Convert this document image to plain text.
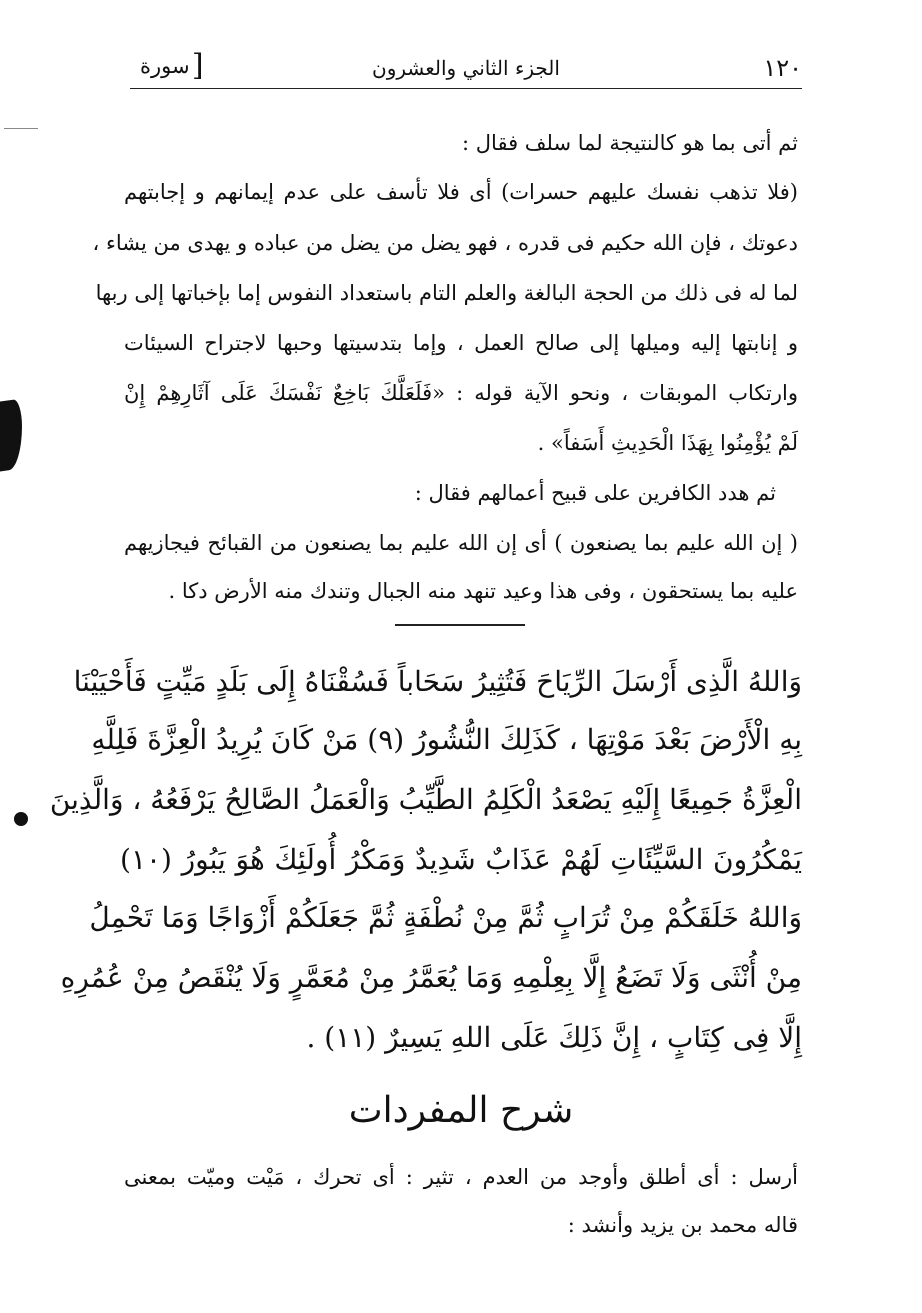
١٢٠
الجزء الثاني والعشرون
سورة [
ثم أتى بما هو كالنتيجة لما سلف فقال :
(فلا تذهب نفسك عليهم حسرات) أى فلا تأسف على عدم إيمانهم و إجابتهم
دعوتك ، فإن الله حكيم فى قدره ، فهو يضل من يضل من عباده و يهدى من يشاء ،
لما له فى ذلك من الحجة البالغة والعلم التام باستعداد النفوس إما بإخباتها إلى ربها
و إنابتها إليه وميلها إلى صالح العمل ، وإما بتدسيتها وحبها لاجتراح السيئات
وارتكاب الموبقات ، ونحو الآية قوله : «فَلَعَلَّكَ بَاخِعٌ نَفْسَكَ عَلَى آثَارِهِمْ إِنْ
لَمْ يُؤْمِنُوا بِهَذَا الْحَدِيثِ أَسَفاً» .
ثم هدد الكافرين على قبيح أعمالهم فقال :
( إن الله عليم بما يصنعون ) أى إن الله عليم بما يصنعون من القبائح فيجازيهم
عليه بما يستحقون ، وفى هذا وعيد تنهد منه الجبال وتندك منه الأرض دكا .
وَاللهُ الَّذِى أَرْسَلَ الرِّيَاحَ فَتُثِيرُ سَحَاباً فَسُقْنَاهُ إِلَى بَلَدٍ مَيِّتٍ فَأَحْيَيْنَا
بِهِ الْأَرْضَ بَعْدَ مَوْتِهَا ، كَذَلِكَ النُّشُورُ (٩) مَنْ كَانَ يُرِيدُ الْعِزَّةَ فَلِلَّهِ
الْعِزَّةُ جَمِيعًا إِلَيْهِ يَصْعَدُ الْكَلِمُ الطَّيِّبُ وَالْعَمَلُ الصَّالِحُ يَرْفَعُهُ ، وَالَّذِينَ
يَمْكُرُونَ السَّيِّئَاتِ لَهُمْ عَذَابٌ شَدِيدٌ وَمَكْرُ أُولَئِكَ هُوَ يَبُورُ (١٠)
وَاللهُ خَلَقَكُمْ مِنْ تُرَابٍ ثُمَّ مِنْ نُطْفَةٍ ثُمَّ جَعَلَكُمْ أَزْوَاجًا وَمَا تَحْمِلُ
مِنْ أُنْثَى وَلَا تَضَعُ إِلَّا بِعِلْمِهِ وَمَا يُعَمَّرُ مِنْ مُعَمَّرٍ وَلَا يُنْقَصُ مِنْ عُمُرِهِ
إِلَّا فِى كِتَابٍ ، إِنَّ ذَلِكَ عَلَى اللهِ يَسِيرٌ (١١) .
شرح المفردات
أرسل : أى أطلق وأوجد من العدم ، تثير : أى تحرك ، مَيْت وميّت بمعنى
قاله محمد بن يزيد وأنشد :
